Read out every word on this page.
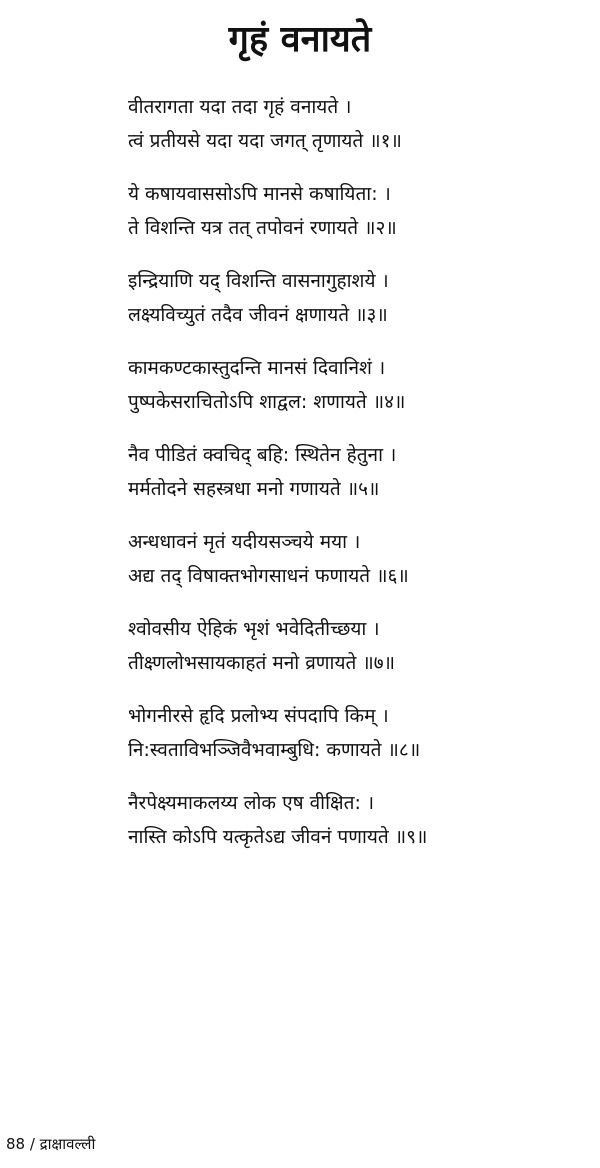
गृहं वनायते
वीतरागता यदा तदा गृहं वनायते ।
त्वं प्रतीयसे यदा यदा जगत् तृणायते ॥१॥
ये कषायवाससोऽपि मानसे कषायिता: ।
ते विशन्ति यत्र तत् तपोवनं रणायते ॥२॥
इन्द्रियाणि यद् विशन्ति वासनागुहाशये ।
लक्ष्यविच्युतं तदैव जीवनं क्षणायते ॥३॥
कामकण्टकास्तुदन्ति मानसं दिवानिशं ।
पुष्पकेसराचितोऽपि शाद्वल: शणायते ॥४॥
नैव पीडितं क्वचिद् बहि: स्थितेन हेतुना ।
मर्मतोदने सहस्त्रधा मनो गणायते ॥५॥
अन्धधावनं मृतं यदीयसञ्चये मया ।
अद्य तद् विषाक्तभोगसाधनं फणायते ॥६॥
श्वोवसीय ऐहिकं भृशं भवेदितीच्छया ।
तीक्ष्णलोभसायकाहतं मनो व्रणायते ॥७॥
भोगनीरसे हृदि प्रलोभ्य संपदापि किम् ।
नि:स्वताविभञ्जिवैभवाम्बुधि: कणायते ॥८॥
नैरपेक्ष्यमाकलय्य लोक एष वीक्षित: ।
नास्ति कोऽपि यत्कृतेऽद्य जीवनं पणायते ॥९॥
88 / द्राक्षावल्ली
